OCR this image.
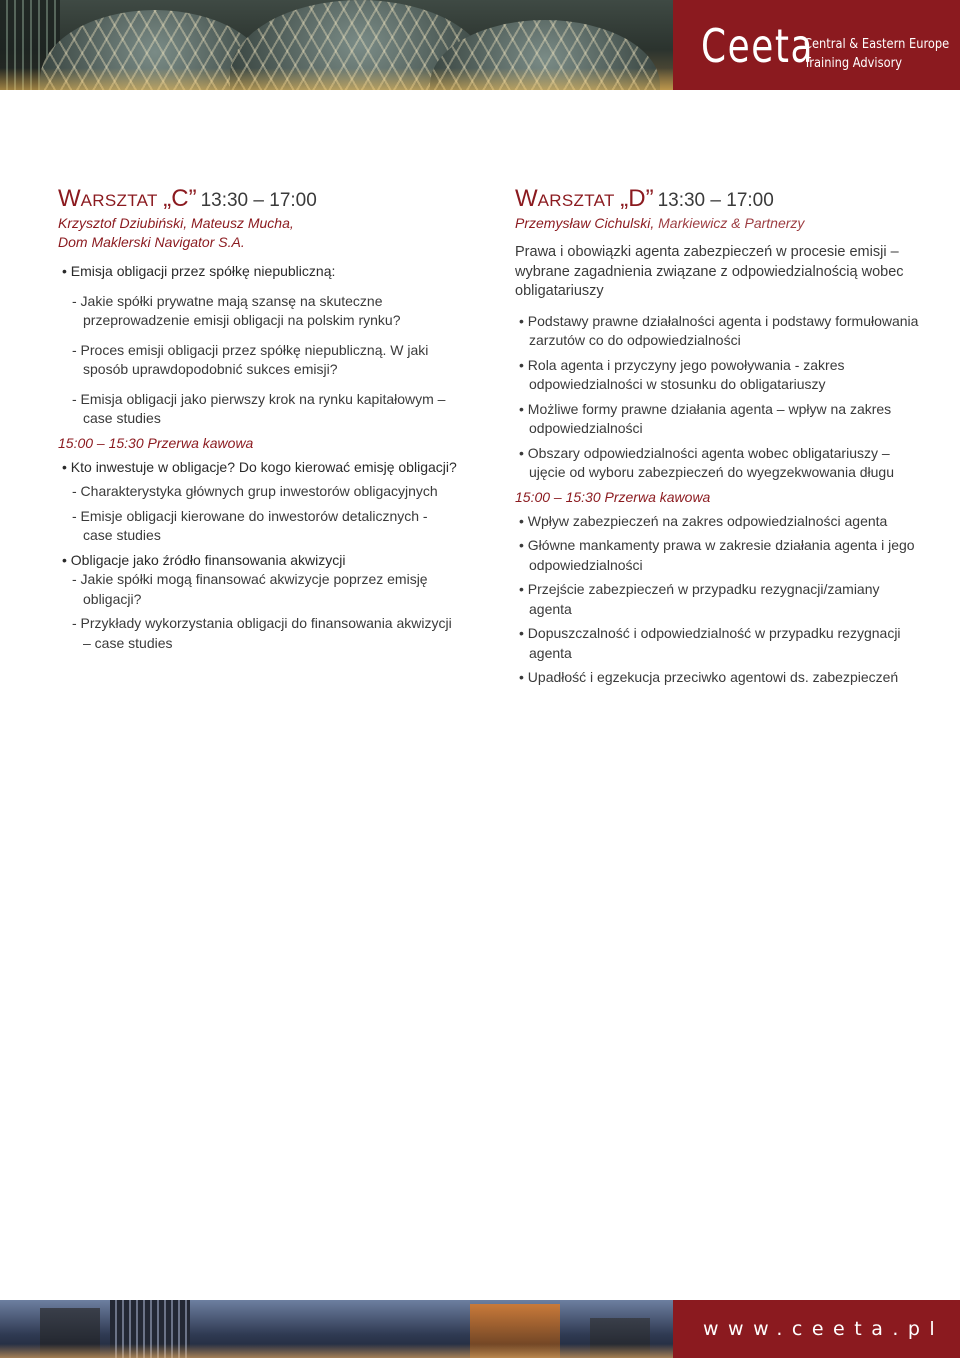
Ceeta
Central & Eastern Europe
Training Advisory
WARSZTAT „C” 13:30 – 17:00

Krzysztof Dziubiński, Mateusz Mucha,
Dom Maklerski Navigator S.A.

• Emisja obligacji przez spółkę niepubliczną:

- Jakie spółki prywatne mają szansę na skuteczne przeprowadzenie emisji obligacji na polskim rynku?

- Proces emisji obligacji przez spółkę niepubliczną. W jaki sposób uprawdopodobnić sukces emisji?

- Emisja obligacji jako pierwszy krok na rynku kapitałowym – case studies

15:00 – 15:30 Przerwa kawowa

• Kto inwestuje w obligacje? Do kogo kierować emisję obligacji?

- Charakterystyka głównych grup inwestorów obligacyjnych

- Emisje obligacji kierowane do inwestorów detalicznych - case studies

• Obligacje jako źródło finansowania akwizycji

- Jakie spółki mogą finansować akwizycje poprzez emisję obligacji?

- Przykłady wykorzystania obligacji do finansowania akwizycji – case studies

WARSZTAT „D” 13:30 – 17:00

Przemysław Cichulski, Markiewicz & Partnerzy

Prawa i obowiązki agenta zabezpieczeń w procesie emisji – wybrane zagadnienia związane z odpowiedzialnością wobec obligatariuszy

• Podstawy prawne działalności agenta i podstawy formułowania zarzutów co do odpowiedzialności

• Rola agenta i przyczyny jego powoływania - zakres odpowiedzialności w stosunku do obligatariuszy

• Możliwe formy prawne działania agenta – wpływ na zakres odpowiedzialności

• Obszary odpowiedzialności agenta wobec obligatariuszy – ujęcie od wyboru zabezpieczeń do wyegzekwowania długu

15:00 – 15:30 Przerwa kawowa

• Wpływ zabezpieczeń na zakres odpowiedzialności agenta

• Główne mankamenty prawa w zakresie działania agenta i jego odpowiedzialności

• Przejście zabezpieczeń w przypadku rezygnacji/zamiany agenta

• Dopuszczalność i odpowiedzialność w przypadku rezygnacji agenta

• Upadłość i egzekucja przeciwko agentowi ds. zabezpieczeń

www.ceeta.pl
